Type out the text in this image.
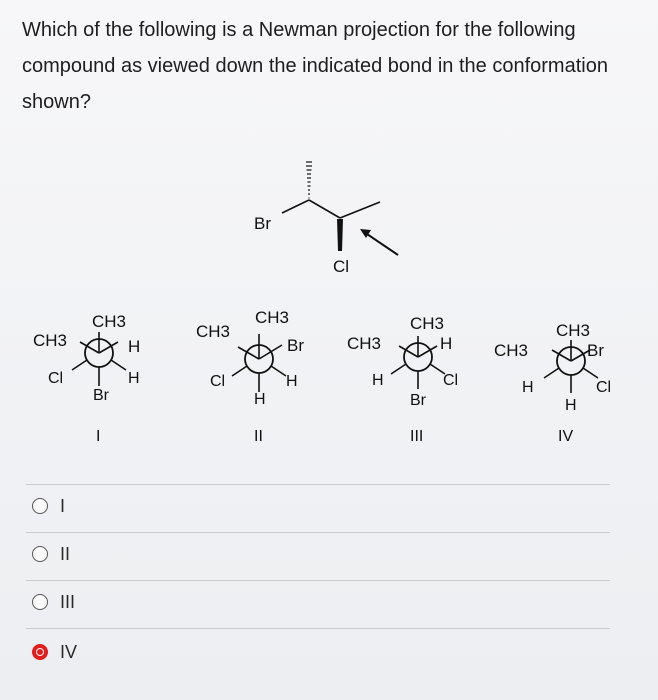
Which of the following is a Newman projection for the following compound as viewed down the indicated bond in the conformation shown?
Br
Cl
CH3
CH3	H
Cl	H
Br
I
CH3
CH3
Br
Cl	H
H
II
CH3
CH3	H
H	Cl
Br
III
CH3
CH3	Br
H	Cl
H
IV
I
II
III
IV
